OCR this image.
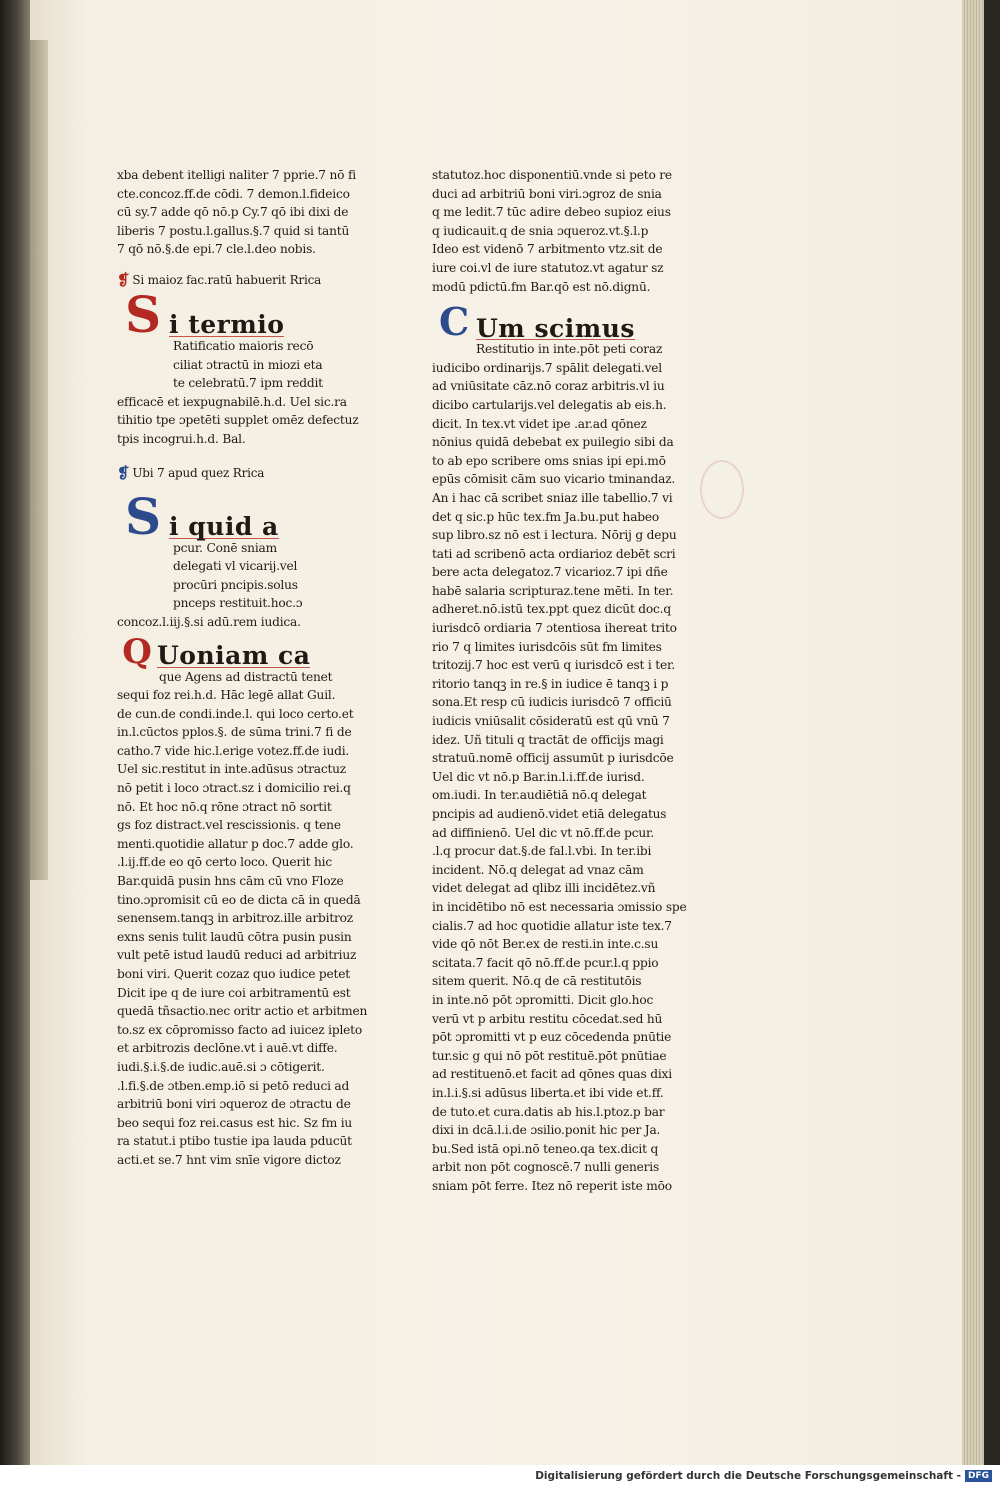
xba debent itelligi naliter 7 pprie.7 nō fi
cte.concoz.ff.de cōdi. 7 demon.l.fideico
cū sy.7 adde qō nō.p Cy.7 qō ibi dixi de
liberis 7 postu.l.gallus.§.7 quid si tantū
7 qō nō.§.de epi.7 cle.l.deo nobis.
❡ Si maioz fac.ratū habuerit Rrica
S i termio
Ratificatio maioris recō
ciliat ɔtractū in miozi eta
te celebratū.7 ipm reddit
efficacē et iexpugnabilē.h.d. Uel sic.ra
tihitio tpe ɔpetēti supplet omēz defectuz
tpis incogrui.h.d. Bal.
❡ Ubi 7 apud quez Rrica
S i quid a
pcur. Conē sniam
delegati vl vicarij.vel
procūri pncipis.solus
pnceps restituit.hoc.ɔ
concoz.l.iij.§.si adū.rem iudica.
Q Uoniam ca
que Agens ad distractū tenet
sequi foz rei.h.d. Hāc legē allat Guil.
de cun.de condi.inde.l. qui loco certo.et
in.l.cūctos pplos.§. de sūma trini.7 fi de
catho.7 vide hic.l.erige votez.ff.de iudi.
Uel sic.restitut in inte.adūsus ɔtractuz
nō petit i loco ɔtract.sz i domicilio rei.q
nō. Et hoc nō.q rōne ɔtract nō sortit
gs foz distract.vel rescissionis. q tene
menti.quotidie allatur p doc.7 adde glo.
.l.ij.ff.de eo qō certo loco. Querit hic
Bar.quidā pusin hns cām cū vno Floze
tino.ɔpromisit cū eo de dicta cā in quedā
senensem.tanqꝫ in arbitroz.ille arbitroz
exns senis tulit laudū cōtra pusin pusin
vult petē istud laudū reduci ad arbitriuz
boni viri. Querit cozaz quo iudice petet
Dicit ipe q de iure coi arbitramentū est
quedā tñsactio.nec oritr actio et arbitmen
to.sz ex cōpromisso facto ad iuicez ipleto
et arbitrozis declōne.vt i auē.vt diffe.
iudi.§.i.§.de iudic.auē.si ɔ cōtigerit.
.l.fi.§.de ɔtben.emp.iō si petō reduci ad
arbitriū boni viri ɔqueroz de ɔtractu de
beo sequi foz rei.casus est hic. Sz fm iu
ra statut.i ptibo tustie ipa lauda pducūt
acti.et se.7 hnt vim snīe vigore dictoz
statutoz.hoc disponentiū.vnde si peto re
duci ad arbitriū boni viri.ɔgroz de snia
q me ledit.7 tūc adire debeo supioz eius
q iudicauit.q de snia ɔqueroz.vt.§.l.p
Ideo est videnō 7 arbitmento vtz.sit de
iure coi.vl de iure statutoz.vt agatur sz
modū pdictū.fm Bar.qō est nō.dignū.
C Um scimus
Restitutio in inte.pōt peti coraz
iudicibo ordinarijs.7 spālit delegati.vel
ad vniūsitate cāz.nō coraz arbitris.vl iu
dicibo cartularijs.vel delegatis ab eis.h.
dicit. In tex.vt videt ipe .ar.ad qōnez
nōnius quidā debebat ex puilegio sibi da
to ab epo scribere oms snias ipi epi.mō
epūs cōmisit cām suo vicario tminandaz.
An i hac cā scribet sniaz ille tabellio.7 vi
det q sic.p hūc tex.fm Ja.bu.put habeo
sup libro.sz nō est i lectura. Nōrij g depu
tati ad scribenō acta ordiarioz debēt scri
bere acta delegatoz.7 vicarioz.7 ipi dñe
habē salaria scripturaz.tene mēti. In ter.
adheret.nō.istū tex.ppt quez dicūt doc.q
iurisdcō ordiaria 7 ɔtentiosa ihereat trito
rio 7 q limites iurisdcōis sūt fm limites
tritozij.7 hoc est verū q iurisdcō est i ter.
ritorio tanqꝫ in re.§ in iudice ē tanqꝫ i p
sona.Et resp cū iudicis iurisdcō 7 officiū
iudicis vniūsalit cōsideratū est qū vnū 7
idez. Uñ tituli q tractāt de officijs magi
stratuū.nomē officij assumūt p iurisdcōe
Uel dic vt nō.p Bar.in.l.i.ff.de iurisd.
om.iudi. In ter.audiētiā nō.q delegat
pncipis ad audienō.videt etiā delegatus
ad diffinienō. Uel dic vt nō.ff.de pcur.
.l.q procur dat.§.de fal.l.vbi. In ter.ibi
incident. Nō.q delegat ad vnaz cām
videt delegat ad qlibz illi incidētez.vñ
in incidētibo nō est necessaria ɔmissio spe
cialis.7 ad hoc quotidie allatur iste tex.7
vide qō nōt Ber.ex de resti.in inte.c.su
scitata.7 facit qō nō.ff.de pcur.l.q ppio
sitem querit. Nō.q de cā restitutōis
in inte.nō pōt ɔpromitti. Dicit glo.hoc
verū vt p arbitu restitu cōcedat.sed hū
pōt ɔpromitti vt p euz cōcedenda pnūtie
tur.sic g qui nō pōt restituē.pōt pnūtiae
ad restituenō.et facit ad qōnes quas dixi
in.l.i.§.si adūsus liberta.et ibi vide et.ff.
de tuto.et cura.datis ab his.l.ptoz.p bar
dixi in dcā.l.i.de ɔsilio.ponit hic per Ja.
bu.Sed istā opi.nō teneo.qa tex.dicit q
arbit non pōt cognoscē.7 nulli generis
sniam pōt ferre. Itez nō reperit iste mōo
Digitalisierung gefördert durch die Deutsche Forschungsgemeinschaft - DFG
